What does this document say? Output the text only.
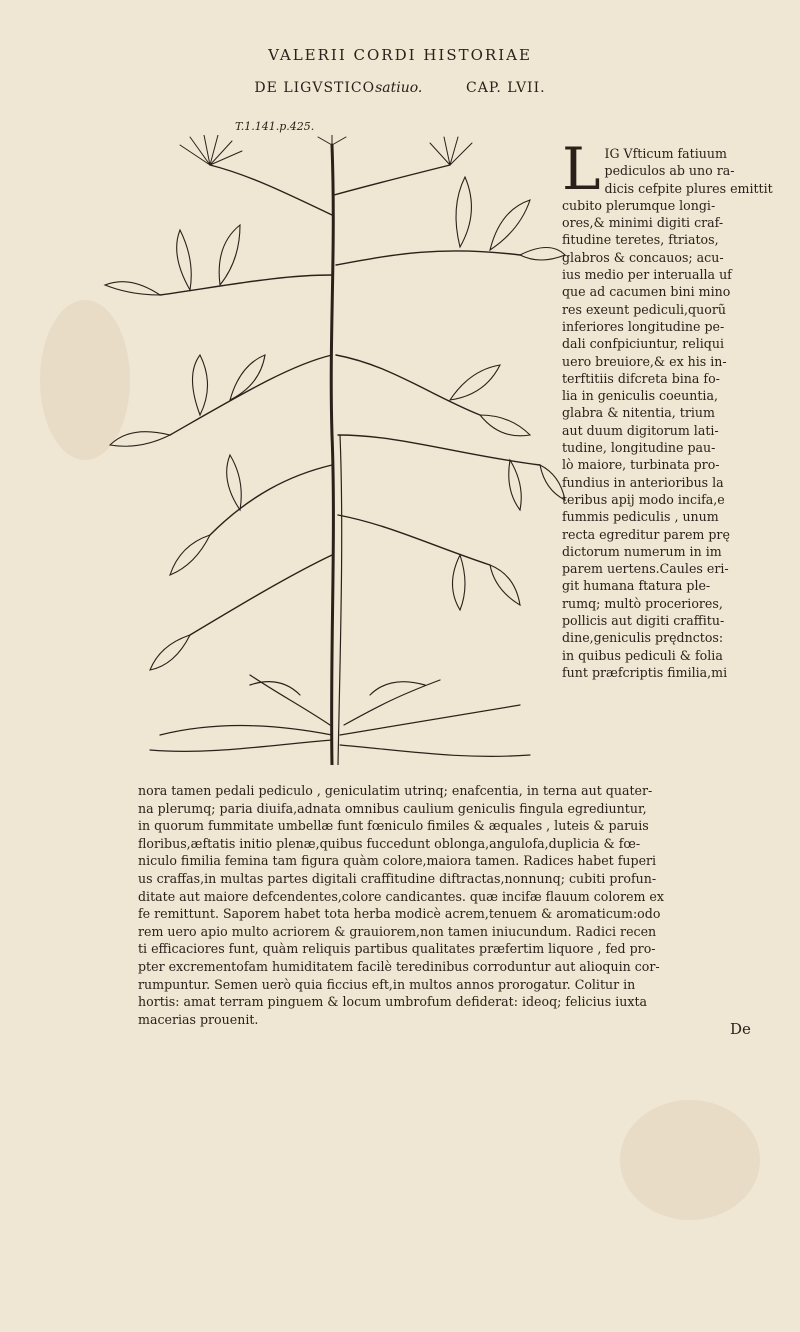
VALERII CORDI HISTORIAE
DE LIGVSTICOsatiuo.	CAP. LVII.
T.1.141.p.425.
L IG Vfticum fatiuum
pediculos ab uno ra-
dicis cefpite plures emittit
cubito plerumque longi-
ores,& minimi digiti craf-
fitudine teretes, ftriatos,
glabros & concauos; acu-
ius medio per interualla uf
que ad cacumen bini mino
res exeunt pediculi,quorũ
inferiores longitudine pe-
dali confpiciuntur, reliqui
uero breuiore,& ex his in-
terftitiis difcreta bina fo-
lia in geniculis coeuntia,
glabra & nitentia, trium
aut duum digitorum lati-
tudine, longitudine pau-
lò maiore, turbinata pro-
fundius in anterioribus la
teribus apij modo incifa,e
fummis pediculis , unum
recta egreditur parem prę
dictorum numerum in im
parem uertens.Caules eri-
git humana ftatura ple-
rumq; multò prоceriores,
pollicis aut digiti craffitu-
dine,geniculis prędnctos:
in quibus pediculi & folia
funt prӕfcriptis fimilia,mi
nora tamen pedali pediculo , geniculatim utrinq; enafcentia, in terna aut quater-
na plerumq; paria diuifa,adnata omnibus caulium geniculis fingula egrediuntur,
in quorum fummitate umbellӕ funt fœniculo fimiles & ӕquales , luteis & paruis
floribus,ӕftatis initio plenӕ,quibus fuccedunt oblonga,angulofa,duplicia & fœ-
niculo fimilia femina tam figura quàm colore,maiora tamen. Radices habet fuperi
us craffas,in multas partes digitali craffitudine diftractas,nonnunq; cubiti profun-
ditate aut maiore defcendentes,colore candicantes. quӕ incifӕ flauum colorem ex
fe remittunt. Saporem habet tota herba modicè acrem,tenuem & aromaticum:odo
rem uero apio multo acriorem & grauiorem,non tamen iniucundum. Radici recen
ti efficaciores funt, quàm reliquis partibus qualitates prӕfertim liquore , fed pro-
pter excrementofam humiditatem facilè teredinibus corroduntur aut alioquin cor-
rumpuntur. Semen uerò quia ficcius eft,in multos annos prorogatur. Colitur in
hortis: amat terram pinguem & locum umbrofum defiderat: ideoq; felicius iuxta
macerias prouenit.
De
